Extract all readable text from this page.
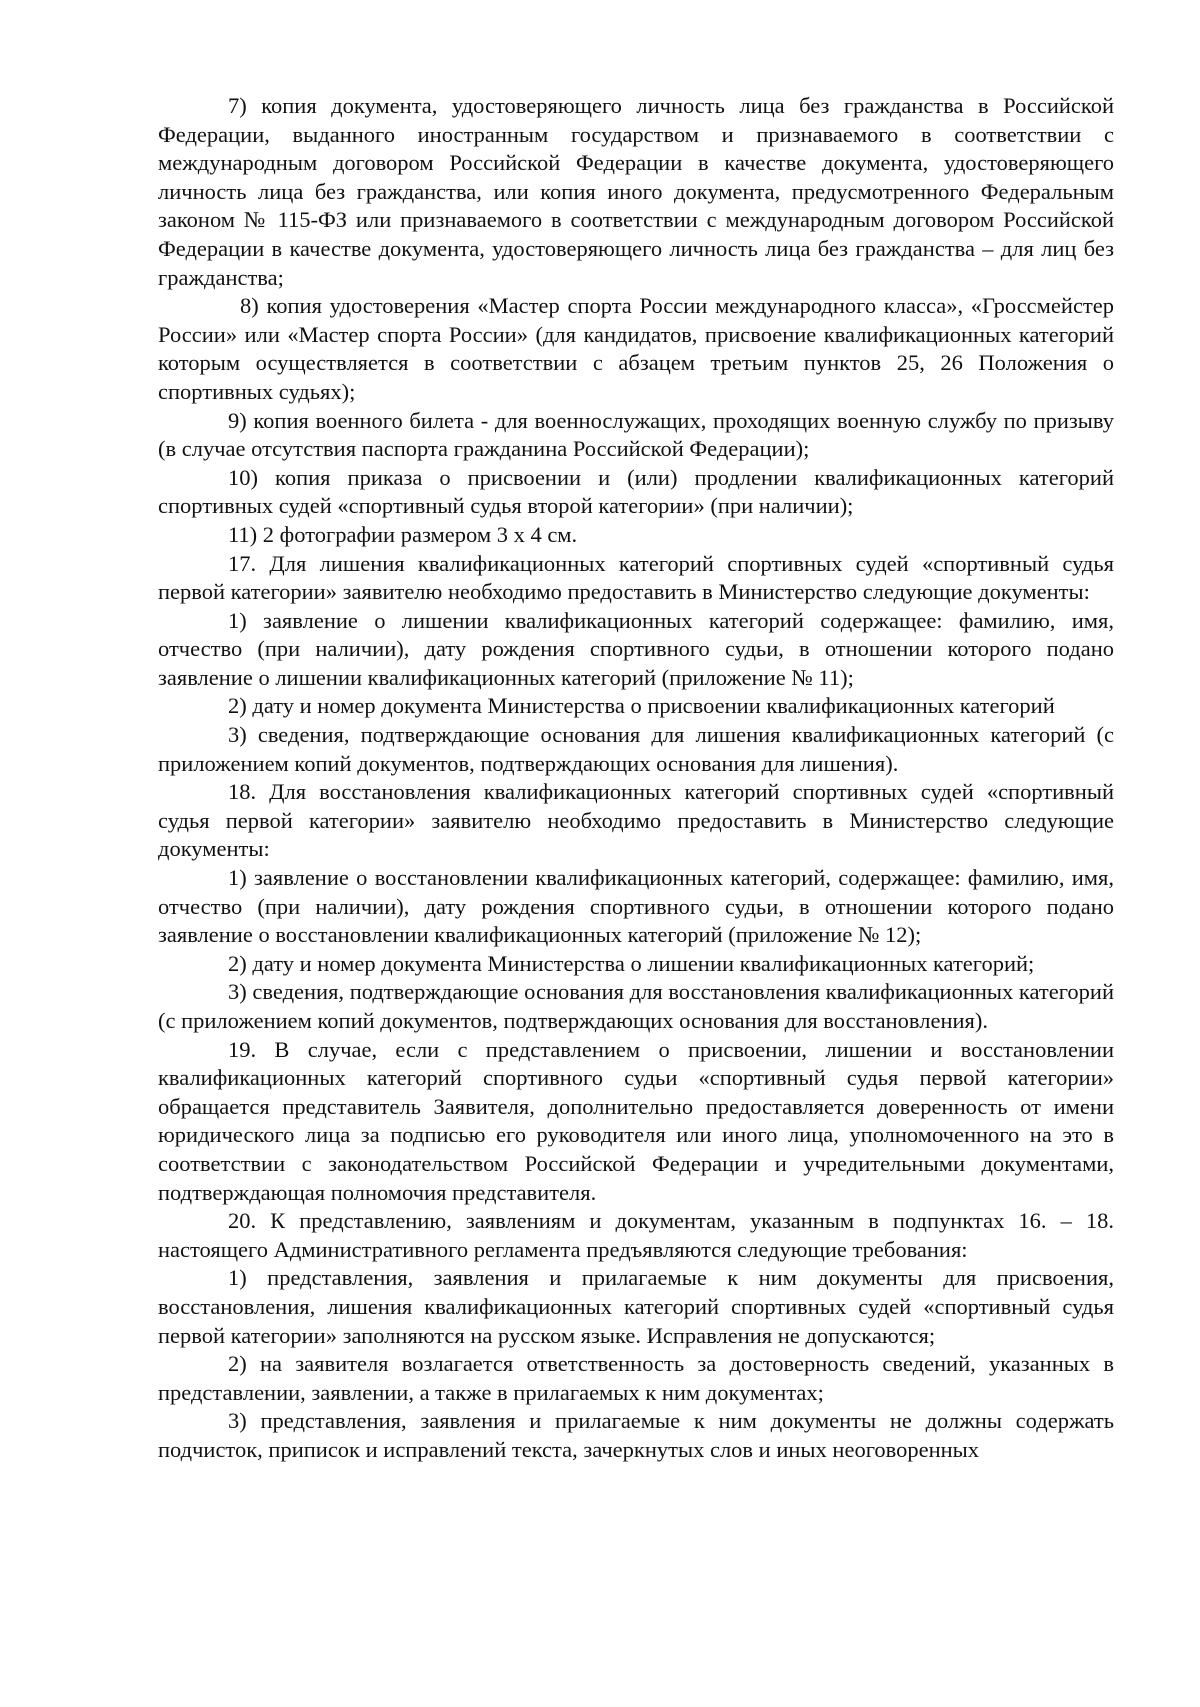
7) копия документа, удостоверяющего личность лица без гражданства в Российской Федерации, выданного иностранным государством и признаваемого в соответствии с международным договором Российской Федерации в качестве документа, удостоверяющего личность лица без гражданства, или копия иного документа, предусмотренного Федеральным законом № 115-ФЗ или признаваемого в соответствии с международным договором Российской Федерации в качестве документа, удостоверяющего личность лица без гражданства – для лиц без гражданства;

8) копия удостоверения «Мастер спорта России международного класса», «Гроссмейстер России» или «Мастер спорта России» (для кандидатов, присвоение квалификационных категорий которым осуществляется в соответствии с абзацем третьим пунктов 25, 26 Положения о спортивных судьях);

9) копия военного билета - для военнослужащих, проходящих военную службу по призыву (в случае отсутствия паспорта гражданина Российской Федерации);

10) копия приказа о присвоении и (или) продлении квалификационных категорий спортивных судей «спортивный судья второй категории» (при наличии);

11) 2 фотографии размером 3 х 4 см.

17. Для лишения квалификационных категорий спортивных судей «спортивный судья первой категории» заявителю необходимо предоставить в Министерство следующие документы:

1) заявление о лишении квалификационных категорий содержащее: фамилию, имя, отчество (при наличии), дату рождения спортивного судьи, в отношении которого подано заявление о лишении квалификационных категорий (приложение № 11);

2) дату и номер документа Министерства о присвоении квалификационных категорий

3) сведения, подтверждающие основания для лишения квалификационных категорий (с приложением копий документов, подтверждающих основания для лишения).

18. Для восстановления квалификационных категорий спортивных судей «спортивный судья первой категории» заявителю необходимо предоставить в Министерство следующие документы:

1) заявление о восстановлении квалификационных категорий, содержащее: фамилию, имя, отчество (при наличии), дату рождения спортивного судьи, в отношении которого подано заявление о восстановлении квалификационных категорий (приложение № 12);

2) дату и номер документа Министерства о лишении квалификационных категорий;

3) сведения, подтверждающие основания для восстановления квалификационных категорий (с приложением копий документов, подтверждающих основания для восстановления).

19. В случае, если с представлением о присвоении, лишении и восстановлении квалификационных категорий спортивного судьи «спортивный судья первой категории» обращается представитель Заявителя, дополнительно предоставляется доверенность от имени юридического лица за подписью его руководителя или иного лица, уполномоченного на это в соответствии с законодательством Российской Федерации и учредительными документами, подтверждающая полномочия представителя.

20. К представлению, заявлениям и документам, указанным в подпунктах 16. – 18. настоящего Административного регламента предъявляются следующие требования:

1) представления, заявления и прилагаемые к ним документы для присвоения, восстановления, лишения квалификационных категорий спортивных судей «спортивный судья первой категории» заполняются на русском языке. Исправления не допускаются;

2) на заявителя возлагается ответственность за достоверность сведений, указанных в представлении, заявлении, а также в прилагаемых к ним документах;

3) представления, заявления и прилагаемые к ним документы не должны содержать подчисток, приписок и исправлений текста, зачеркнутых слов и иных неоговоренных
